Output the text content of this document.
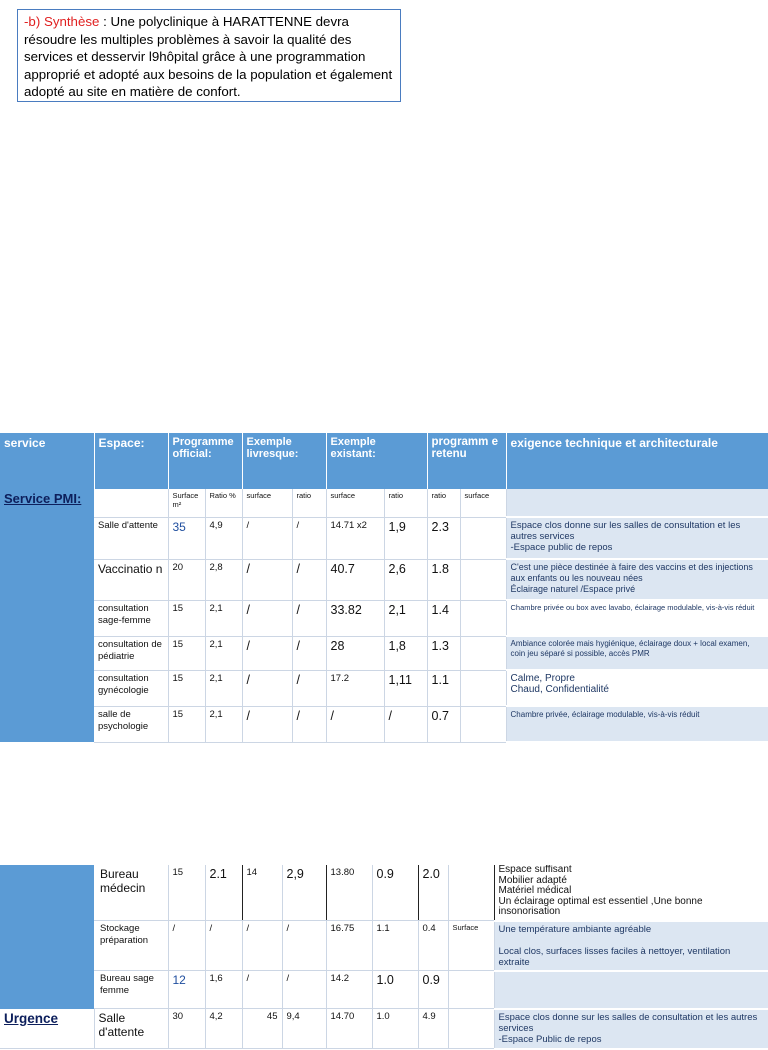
-b) Synthèse : Une polyclinique à HARATTENNE devra résoudre les multiples problèmes à savoir la qualité des services et desservir l9hôpital grâce à une programmation approprié et adopté aux besoins de la population et également adopté au site en matière de confort.
service	Espace:	Programme official:		Exemple livresque:		Exemple existant:		programm e retenu		exigence technique et architecturale

Service PMI:		Surface m²	Ratio %	surface	ratio	surface	ratio	ratio	surface	
	Salle d'attente	35	4,9	/	/	14.71 x2	1,9	2.3		Espace clos donne sur les salles de consultation et les autres services
-Espace public de repos
	Vaccinatio n	20	2,8	/	/	40.7	2,6	1.8		C'est une pièce destinée à faire des vaccins et des injections aux enfants ou les nouveau nées
Éclairage naturel /Espace privé
	consultation sage-femme	15	2,1	/	/	33.82	2,1	1.4		Chambre privée ou box avec lavabo, éclairage modulable, vis-à-vis réduit
	consultation de pédiatrie	15	2,1	/	/	28	1,8	1.3		Ambiance colorée mais hygiénique, éclairage doux + local examen, coin jeu séparé si possible, accès PMR
	consultation gynécologie	15	2,1	/	/	17.2	1,11	1.1		Calme, Propre
Chaud, Confidentialité
	salle de psychologie	15	2,1	/	/	/	/	0.7		Chambre privée, éclairage modulable, vis-à-vis réduit
	Bureau médecin	15	2.1	14	2,9	13.80	0.9	2.0		Espace suffisant
Mobilier adapté
Matériel médical
Un éclairage optimal est essentiel ,Une bonne insonorisation
	Stockage préparation	/	/	/	/	16.75	1.1	0.4	Surface	Une température ambiante agréable

Local clos, surfaces lisses faciles à nettoyer, ventilation extraite
	Bureau sage femme	12	1,6	/	/	14.2	1.0	0.9		
Urgence	Salle d'attente	30	4,2	45	9,4	14.70	1.0	4.9		Espace clos donne sur les salles de consultation et les autres services
-Espace Public de repos
